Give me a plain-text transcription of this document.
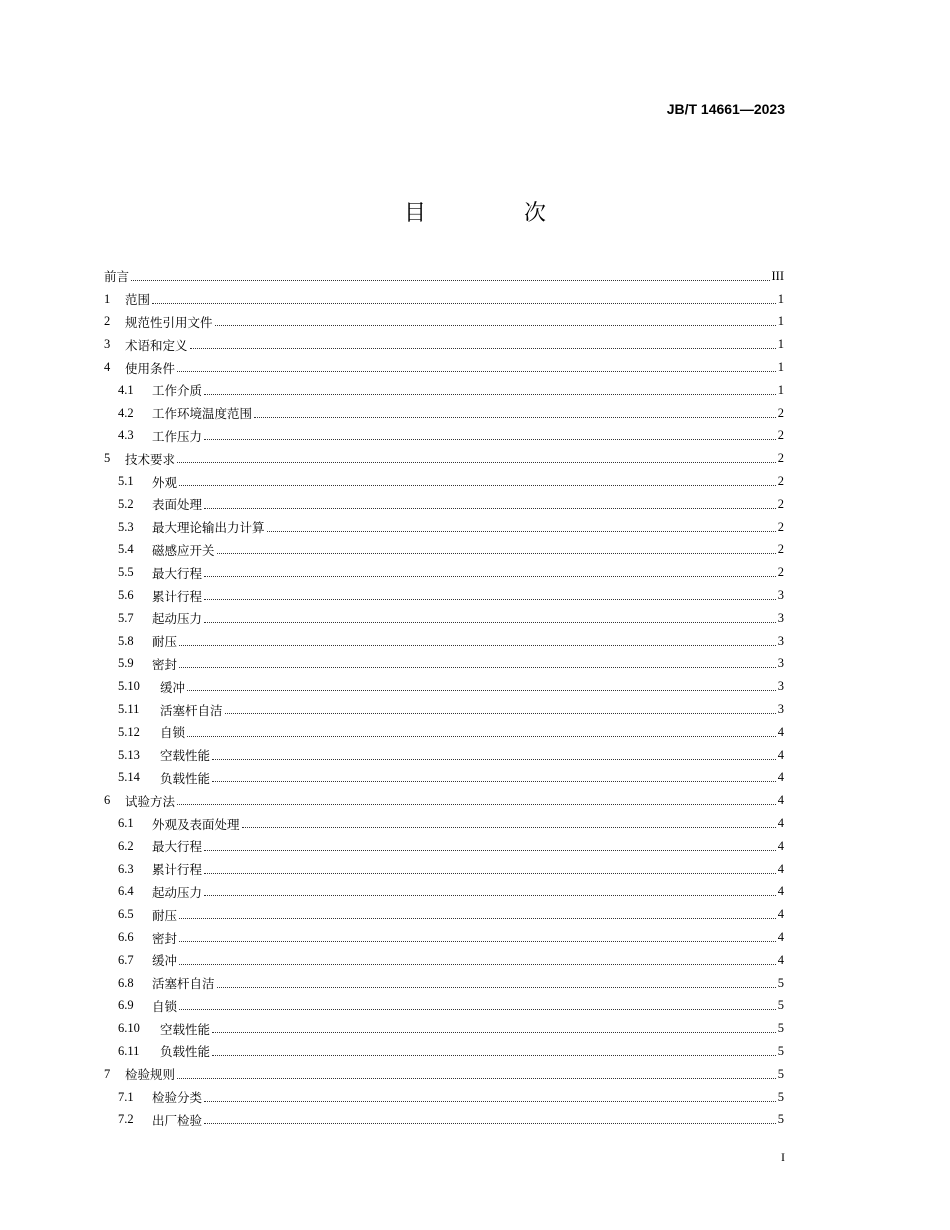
JB/T 14661—2023
目　次
前言	III
1	范围	1
2	规范性引用文件	1
3	术语和定义	1
4	使用条件	1
4.1	工作介质	1
4.2	工作环境温度范围	2
4.3	工作压力	2
5	技术要求	2
5.1	外观	2
5.2	表面处理	2
5.3	最大理论输出力计算	2
5.4	磁感应开关	2
5.5	最大行程	2
5.6	累计行程	3
5.7	起动压力	3
5.8	耐压	3
5.9	密封	3
5.10	缓冲	3
5.11	活塞杆自洁	3
5.12	自锁	4
5.13	空载性能	4
5.14	负载性能	4
6	试验方法	4
6.1	外观及表面处理	4
6.2	最大行程	4
6.3	累计行程	4
6.4	起动压力	4
6.5	耐压	4
6.6	密封	4
6.7	缓冲	4
6.8	活塞杆自洁	5
6.9	自锁	5
6.10	空载性能	5
6.11	负载性能	5
7	检验规则	5
7.1	检验分类	5
7.2	出厂检验	5
I
